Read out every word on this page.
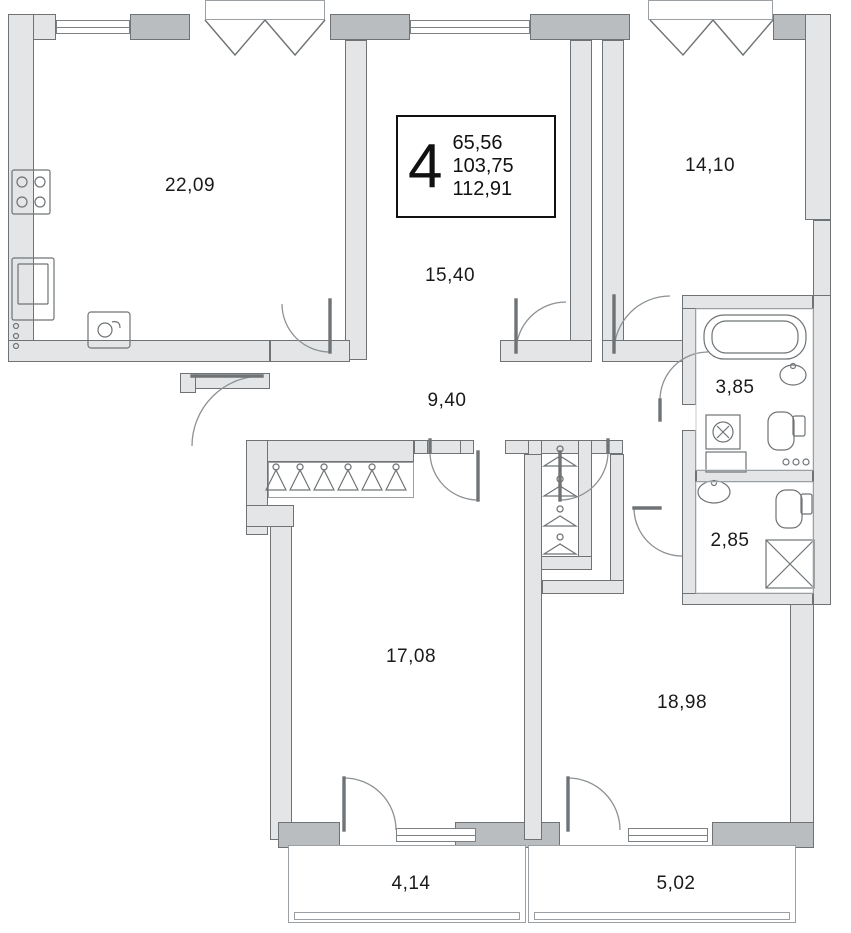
22,09
15,40
14,10
9,40
3,85
2,85
17,08
18,98
4,14	5,02
4 65,56
103,75
112,91
